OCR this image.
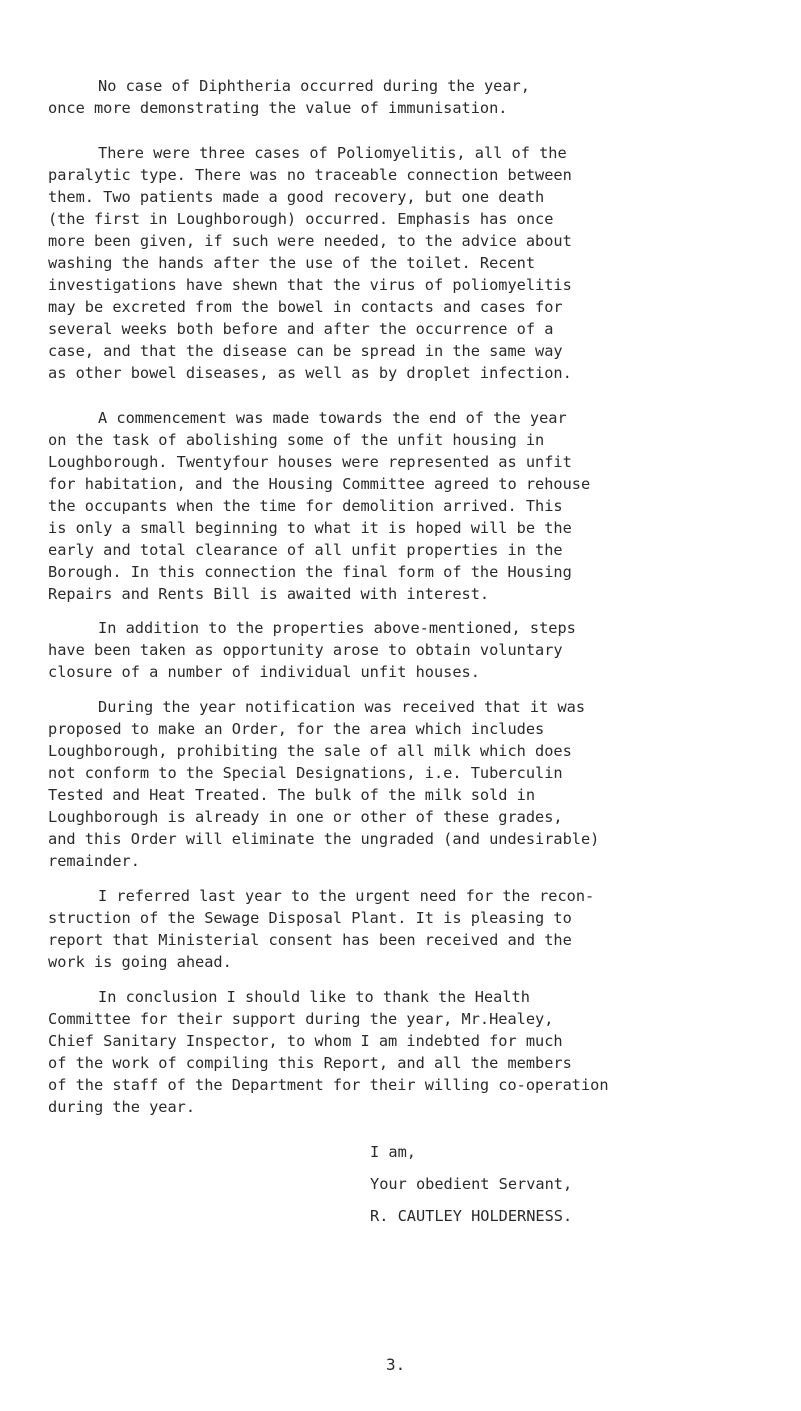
No case of Diphtheria occurred during the year,
once more demonstrating the value of immunisation.
There were three cases of Poliomyelitis, all of the
paralytic type. There was no traceable connection between
them. Two patients made a good recovery, but one death
(the first in Loughborough) occurred. Emphasis has once
more been given, if such were needed, to the advice about
washing the hands after the use of the toilet. Recent
investigations have shewn that the virus of poliomyelitis
may be excreted from the bowel in contacts and cases for
several weeks both before and after the occurrence of a
case, and that the disease can be spread in the same way
as other bowel diseases, as well as by droplet infection.
A commencement was made towards the end of the year
on the task of abolishing some of the unfit housing in
Loughborough. Twentyfour houses were represented as unfit
for habitation, and the Housing Committee agreed to rehouse
the occupants when the time for demolition arrived. This
is only a small beginning to what it is hoped will be the
early and total clearance of all unfit properties in the
Borough. In this connection the final form of the Housing
Repairs and Rents Bill is awaited with interest.
In addition to the properties above-mentioned, steps
have been taken as opportunity arose to obtain voluntary
closure of a number of individual unfit houses.
During the year notification was received that it was
proposed to make an Order, for the area which includes
Loughborough, prohibiting the sale of all milk which does
not conform to the Special Designations, i.e. Tuberculin
Tested and Heat Treated. The bulk of the milk sold in
Loughborough is already in one or other of these grades,
and this Order will eliminate the ungraded (and undesirable)
remainder.
I referred last year to the urgent need for the recon-
struction of the Sewage Disposal Plant. It is pleasing to
report that Ministerial consent has been received and the
work is going ahead.
In conclusion I should like to thank the Health
Committee for their support during the year, Mr.Healey,
Chief Sanitary Inspector, to whom I am indebted for much
of the work of compiling this Report, and all the members
of the staff of the Department for their willing co-operation
during the year.
I am,
Your obedient Servant,
R. CAUTLEY HOLDERNESS.
3.
